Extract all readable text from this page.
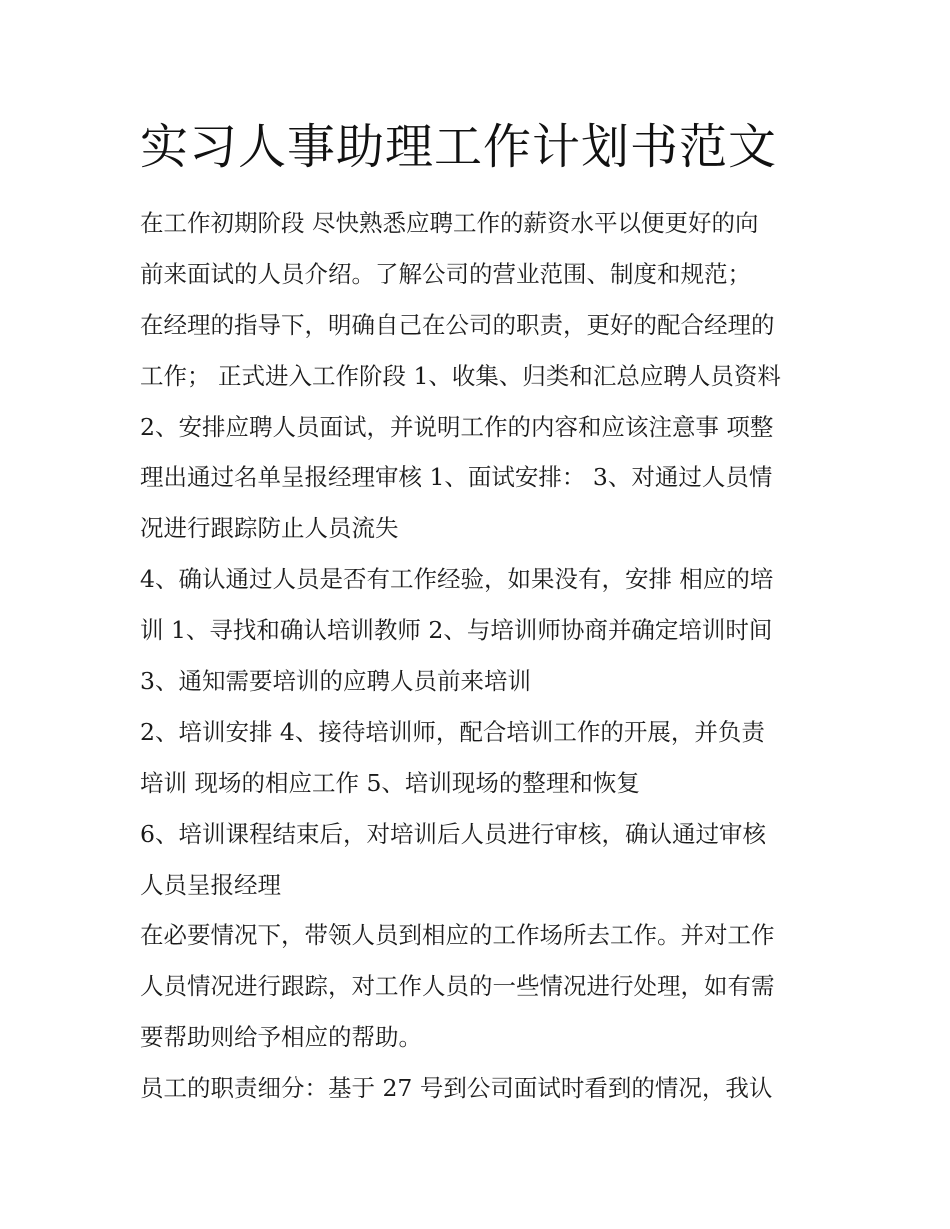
实习人事助理工作计划书范文
在工作初期阶段 尽快熟悉应聘工作的薪资水平以便更好的向
前来面试的人员介绍。了解公司的营业范围、制度和规范；
在经理的指导下，明确自己在公司的职责，更好的配合经理的
工作； 正式进入工作阶段 1、收集、归类和汇总应聘人员资料
2、安排应聘人员面试，并说明工作的内容和应该注意事 项整
理出通过名单呈报经理审核 1、面试安排： 3、对通过人员情
况进行跟踪防止人员流失
4、确认通过人员是否有工作经验，如果没有，安排 相应的培
训 1、寻找和确认培训教师 2、与培训师协商并确定培训时间
3、通知需要培训的应聘人员前来培训
2、培训安排 4、接待培训师，配合培训工作的开展，并负责
培训 现场的相应工作 5、培训现场的整理和恢复
6、培训课程结束后，对培训后人员进行审核，确认通过审核
人员呈报经理
在必要情况下，带领人员到相应的工作场所去工作。并对工作
人员情况进行跟踪，对工作人员的一些情况进行处理，如有需
要帮助则给予相应的帮助。
员工的职责细分：基于 27 号到公司面试时看到的情况，我认
